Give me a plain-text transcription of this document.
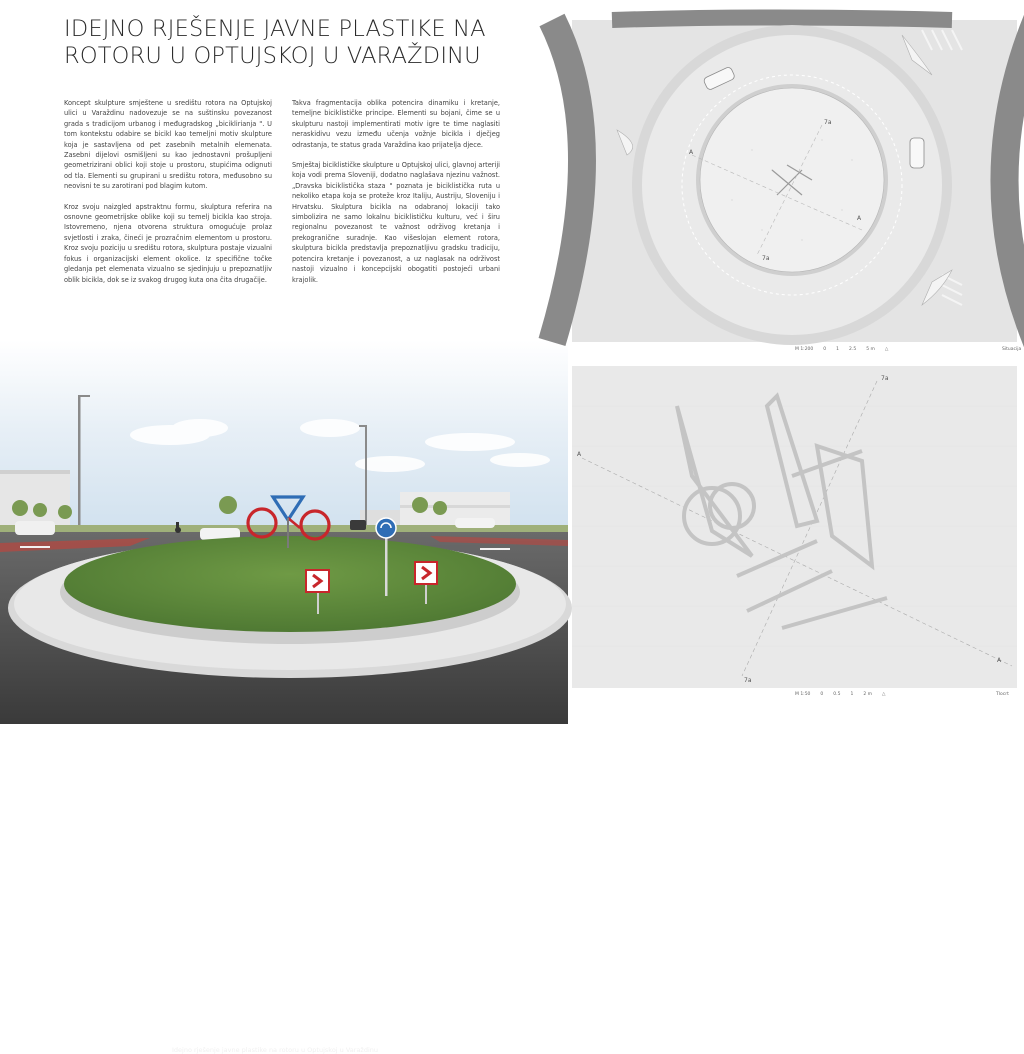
IDEJNO RJEŠENJE JAVNE PLASTIKE NA ROTORU U OPTUJSKOJ U VARAŽDINU

Koncept skulpture smještene u središtu rotora na Optujskoj ulici u Varaždinu nadovezuje se na suštinsku povezanost grada s tradicijom urbanog i međugradskog „biciklirianja ". U tom kontekstu odabire se bicikl kao temeljni motiv skulpture koja je sastavljena od pet zasebnih metalnih elemenata. Zasebni dijelovi osmišljeni su kao jednostavni prošupljeni geometrizirani oblici koji stoje u prostoru, stupićima odignuti od tla. Elementi su grupirani u središtu rotora, međusobno su neovisni te su zarotirani pod blagim kutom.

Kroz svoju naizgled apstraktnu formu, skulptura referira na osnovne geometrijske oblike koji su temelj bicikla kao stroja. Istovremeno, njena otvorena struktura omogućuje prolaz svjetlosti i zraka, čineći je prozračnim elementom u prostoru. Kroz svoju poziciju u središtu rotora, skulptura postaje vizualni fokus i organizacijski element okolice. Iz specifične točke gledanja pet elemenata vizualno se sjedinjuju u prepoznatljiv oblik bicikla, dok se iz svakog drugog kuta ona čita drugačije.

Takva fragmentacija oblika potencira dinamiku i kretanje, temeljne biciklističke principe. Elementi su bojani, čime se u skulpturu nastoji implementirati motiv igre te time naglasiti neraskidivu vezu između učenja vožnje bicikla i dječjeg odrastanja, te status grada Varaždina kao prijatelja djece.

Smještaj biciklističke skulpture u Optujskoj ulici, glavnoj arteriji koja vodi prema Sloveniji, dodatno naglašava njezinu važnost. „Dravska biciklistička staza " poznata je biciklistička ruta u nekoliko etapa koja se proteže kroz Italiju, Austriju, Sloveniju i Hrvatsku. Skulptura bicikla na odabranoj lokaciji tako simbolizira ne samo lokalnu biciklističku kulturu, već i širu regionalnu povezanost te važnost održivog kretanja i prekogranične suradnje. Kao višeslojan element rotora, skulptura bicikla predstavlja prepoznatljivu gradsku tradiciju, potencira kretanje i povezanost, a uz naglasak na održivost nastoji vizualno i koncepcijski obogatiti postojeći urbani krajolik.

Idejno rješenje javne plastike na rotoru u Optujskoj u Varaždinu
7a
A
A
7a
M 1:200 0 1 2.5 5 m △	Situacija
7a
A
A
7a
M 1:50 0 0.5 1 2 m △	Tlocrt
